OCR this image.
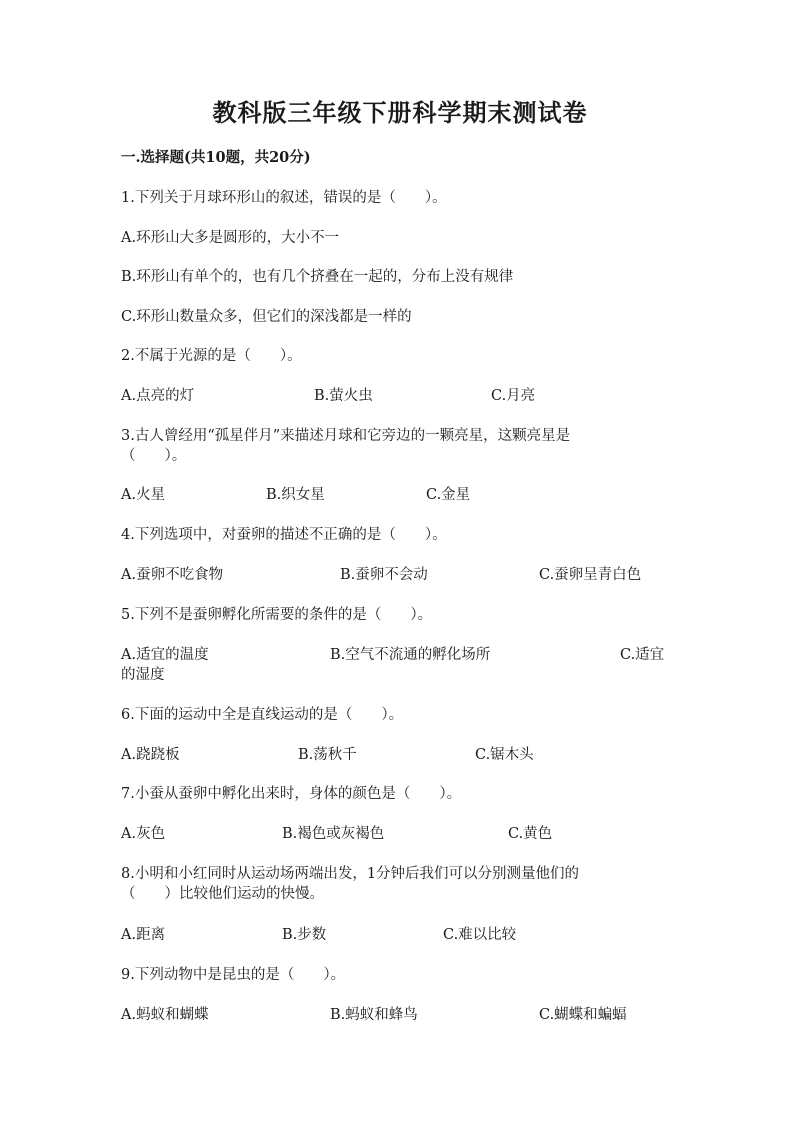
教科版三年级下册科学期末测试卷
一.选择题(共10题，共20分)
1.下列关于月球环形山的叙述，错误的是（　　）。
A.环形山大多是圆形的，大小不一
B.环形山有单个的，也有几个挤叠在一起的，分布上没有规律
C.环形山数量众多，但它们的深浅都是一样的
2.不属于光源的是（　　）。
A.点亮的灯	B.萤火虫	C.月亮
3.古人曾经用“孤星伴月”来描述月球和它旁边的一颗亮星，这颗亮星是
（　　）。
A.火星	B.织女星	C.金星
4.下列选项中，对蚕卵的描述不正确的是（　　）。
A.蚕卵不吃食物	B.蚕卵不会动	C.蚕卵呈青白色
5.下列不是蚕卵孵化所需要的条件的是（　　）。
A.适宜的温度	B.空气不流通的孵化场所	C.适宜
的湿度
6.下面的运动中全是直线运动的是（　　）。
A.跷跷板	B.荡秋千	C.锯木头
7.小蚕从蚕卵中孵化出来时，身体的颜色是（　　）。
A.灰色	B.褐色或灰褐色	C.黄色
8.小明和小红同时从运动场两端出发，1分钟后我们可以分别测量他们的
（　　）比较他们运动的快慢。
A.距离	B.步数	C.难以比较
9.下列动物中是昆虫的是（　　）。
A.蚂蚁和蝴蝶	B.蚂蚁和蜂鸟	C.蝴蝶和蝙蝠
